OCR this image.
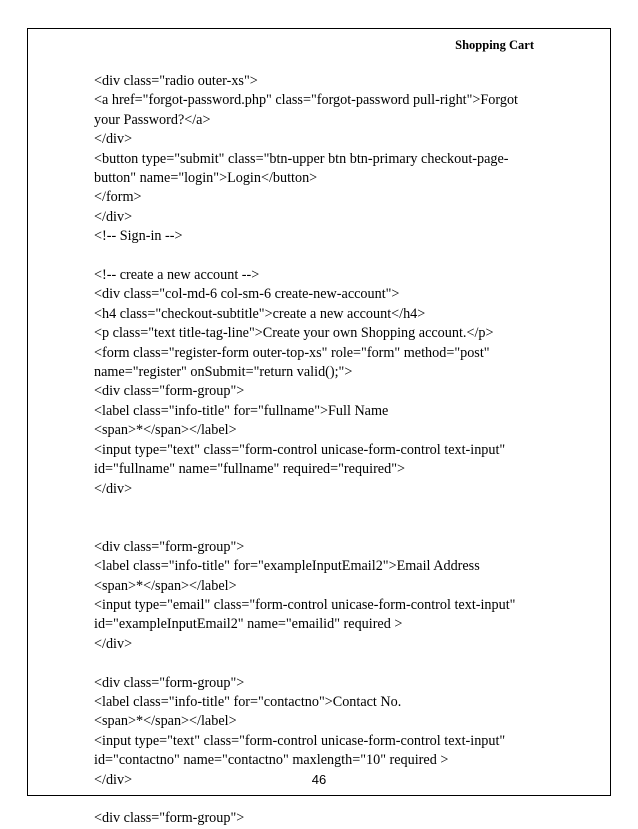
Shopping Cart
<div class="radio outer-xs">
<a href="forgot-password.php" class="forgot-password pull-right">Forgot
your Password?</a>
</div>
<button type="submit" class="btn-upper btn btn-primary checkout-page-
button" name="login">Login</button>
</form>
</div>
<!-- Sign-in -->
<!-- create a new account -->
<div class="col-md-6 col-sm-6 create-new-account">
<h4 class="checkout-subtitle">create a new account</h4>
<p class="text title-tag-line">Create your own Shopping account.</p>
<form class="register-form outer-top-xs" role="form" method="post"
name="register" onSubmit="return valid();">
<div class="form-group">
<label class="info-title" for="fullname">Full Name
<span>*</span></label>
<input type="text" class="form-control unicase-form-control text-input"
id="fullname" name="fullname" required="required">
</div>
<div class="form-group">
<label class="info-title" for="exampleInputEmail2">Email Address
<span>*</span></label>
<input type="email" class="form-control unicase-form-control text-input"
id="exampleInputEmail2" name="emailid" required >
</div>
<div class="form-group">
<label class="info-title" for="contactno">Contact No.
<span>*</span></label>
<input type="text" class="form-control unicase-form-control text-input"
id="contactno" name="contactno" maxlength="10" required >
</div>
<div class="form-group">
46
